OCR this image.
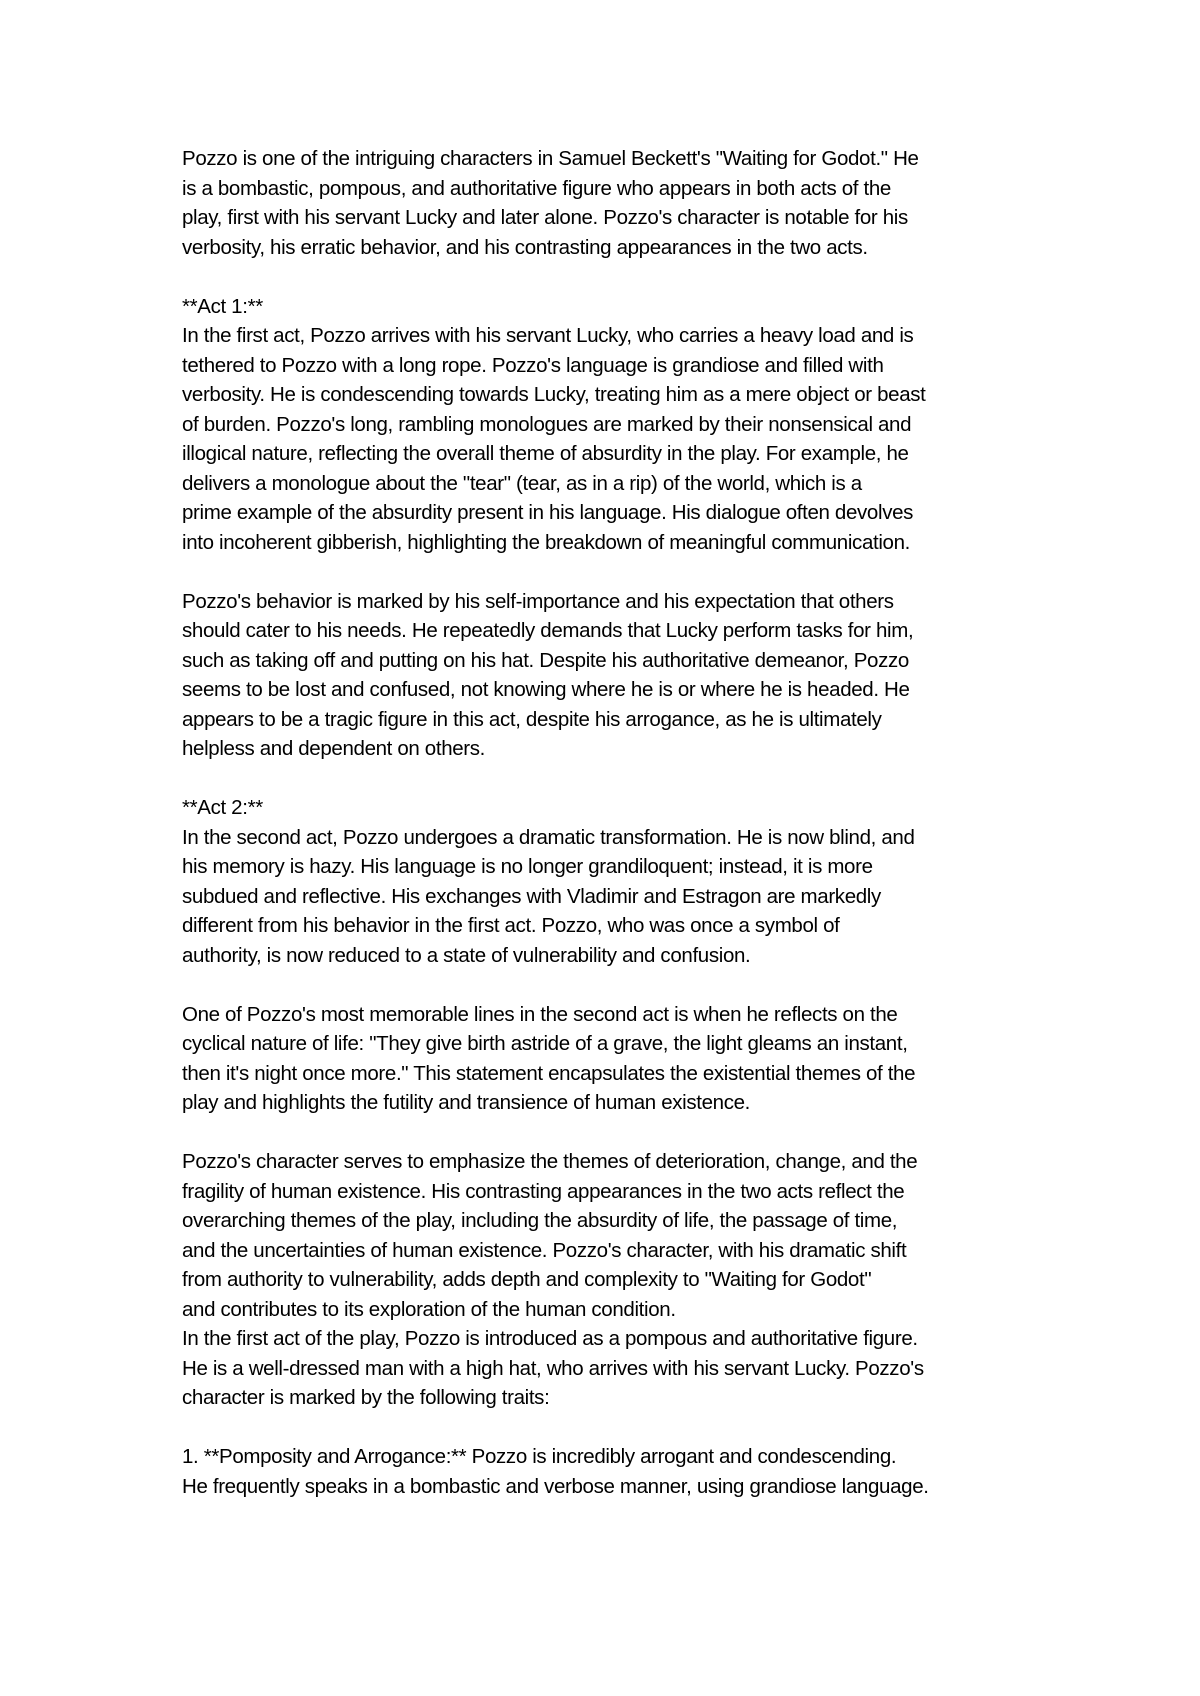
Pozzo is one of the intriguing characters in Samuel Beckett's "Waiting for Godot." He
is a bombastic, pompous, and authoritative figure who appears in both acts of the
play, first with his servant Lucky and later alone. Pozzo's character is notable for his
verbosity, his erratic behavior, and his contrasting appearances in the two acts.
**Act 1:**
In the first act, Pozzo arrives with his servant Lucky, who carries a heavy load and is
tethered to Pozzo with a long rope. Pozzo's language is grandiose and filled with
verbosity. He is condescending towards Lucky, treating him as a mere object or beast
of burden. Pozzo's long, rambling monologues are marked by their nonsensical and
illogical nature, reflecting the overall theme of absurdity in the play. For example, he
delivers a monologue about the "tear" (tear, as in a rip) of the world, which is a
prime example of the absurdity present in his language. His dialogue often devolves
into incoherent gibberish, highlighting the breakdown of meaningful communication.
Pozzo's behavior is marked by his self-importance and his expectation that others
should cater to his needs. He repeatedly demands that Lucky perform tasks for him,
such as taking off and putting on his hat. Despite his authoritative demeanor, Pozzo
seems to be lost and confused, not knowing where he is or where he is headed. He
appears to be a tragic figure in this act, despite his arrogance, as he is ultimately
helpless and dependent on others.
**Act 2:**
In the second act, Pozzo undergoes a dramatic transformation. He is now blind, and
his memory is hazy. His language is no longer grandiloquent; instead, it is more
subdued and reflective. His exchanges with Vladimir and Estragon are markedly
different from his behavior in the first act. Pozzo, who was once a symbol of
authority, is now reduced to a state of vulnerability and confusion.
One of Pozzo's most memorable lines in the second act is when he reflects on the
cyclical nature of life: "They give birth astride of a grave, the light gleams an instant,
then it's night once more." This statement encapsulates the existential themes of the
play and highlights the futility and transience of human existence.
Pozzo's character serves to emphasize the themes of deterioration, change, and the
fragility of human existence. His contrasting appearances in the two acts reflect the
overarching themes of the play, including the absurdity of life, the passage of time,
and the uncertainties of human existence. Pozzo's character, with his dramatic shift
from authority to vulnerability, adds depth and complexity to "Waiting for Godot"
and contributes to its exploration of the human condition.
In the first act of the play, Pozzo is introduced as a pompous and authoritative figure.
He is a well-dressed man with a high hat, who arrives with his servant Lucky. Pozzo's
character is marked by the following traits:
1. **Pomposity and Arrogance:** Pozzo is incredibly arrogant and condescending.
He frequently speaks in a bombastic and verbose manner, using grandiose language.
